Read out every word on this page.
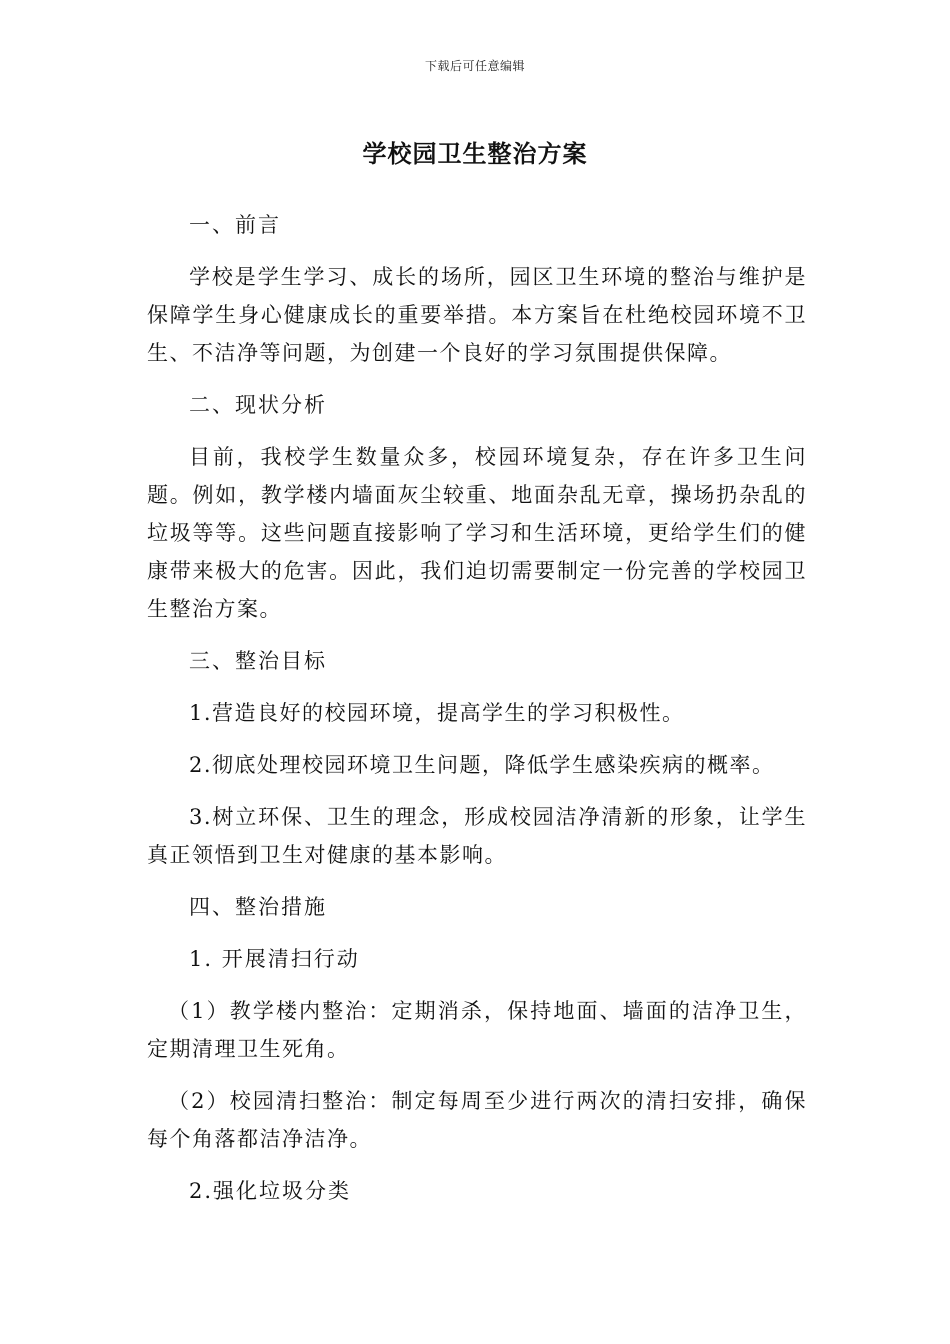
下载后可任意编辑
学校园卫生整治方案

一、前言

学校是学生学习、成长的场所，园区卫生环境的整治与维护是保障学生身心健康成长的重要举措。本方案旨在杜绝校园环境不卫生、不洁净等问题，为创建一个良好的学习氛围提供保障。

二、现状分析

目前，我校学生数量众多，校园环境复杂，存在许多卫生问题。例如，教学楼内墙面灰尘较重、地面杂乱无章，操场扔杂乱的垃圾等等。这些问题直接影响了学习和生活环境，更给学生们的健康带来极大的危害。因此，我们迫切需要制定一份完善的学校园卫生整治方案。

三、整治目标

1.营造良好的校园环境，提高学生的学习积极性。

2.彻底处理校园环境卫生问题，降低学生感染疾病的概率。

3.树立环保、卫生的理念，形成校园洁净清新的形象，让学生真正领悟到卫生对健康的基本影响。

四、整治措施

1. 开展清扫行动

（1）教学楼内整治：定期消杀，保持地面、墙面的洁净卫生，定期清理卫生死角。

（2）校园清扫整治：制定每周至少进行两次的清扫安排，确保每个角落都洁净洁净。

2.强化垃圾分类
